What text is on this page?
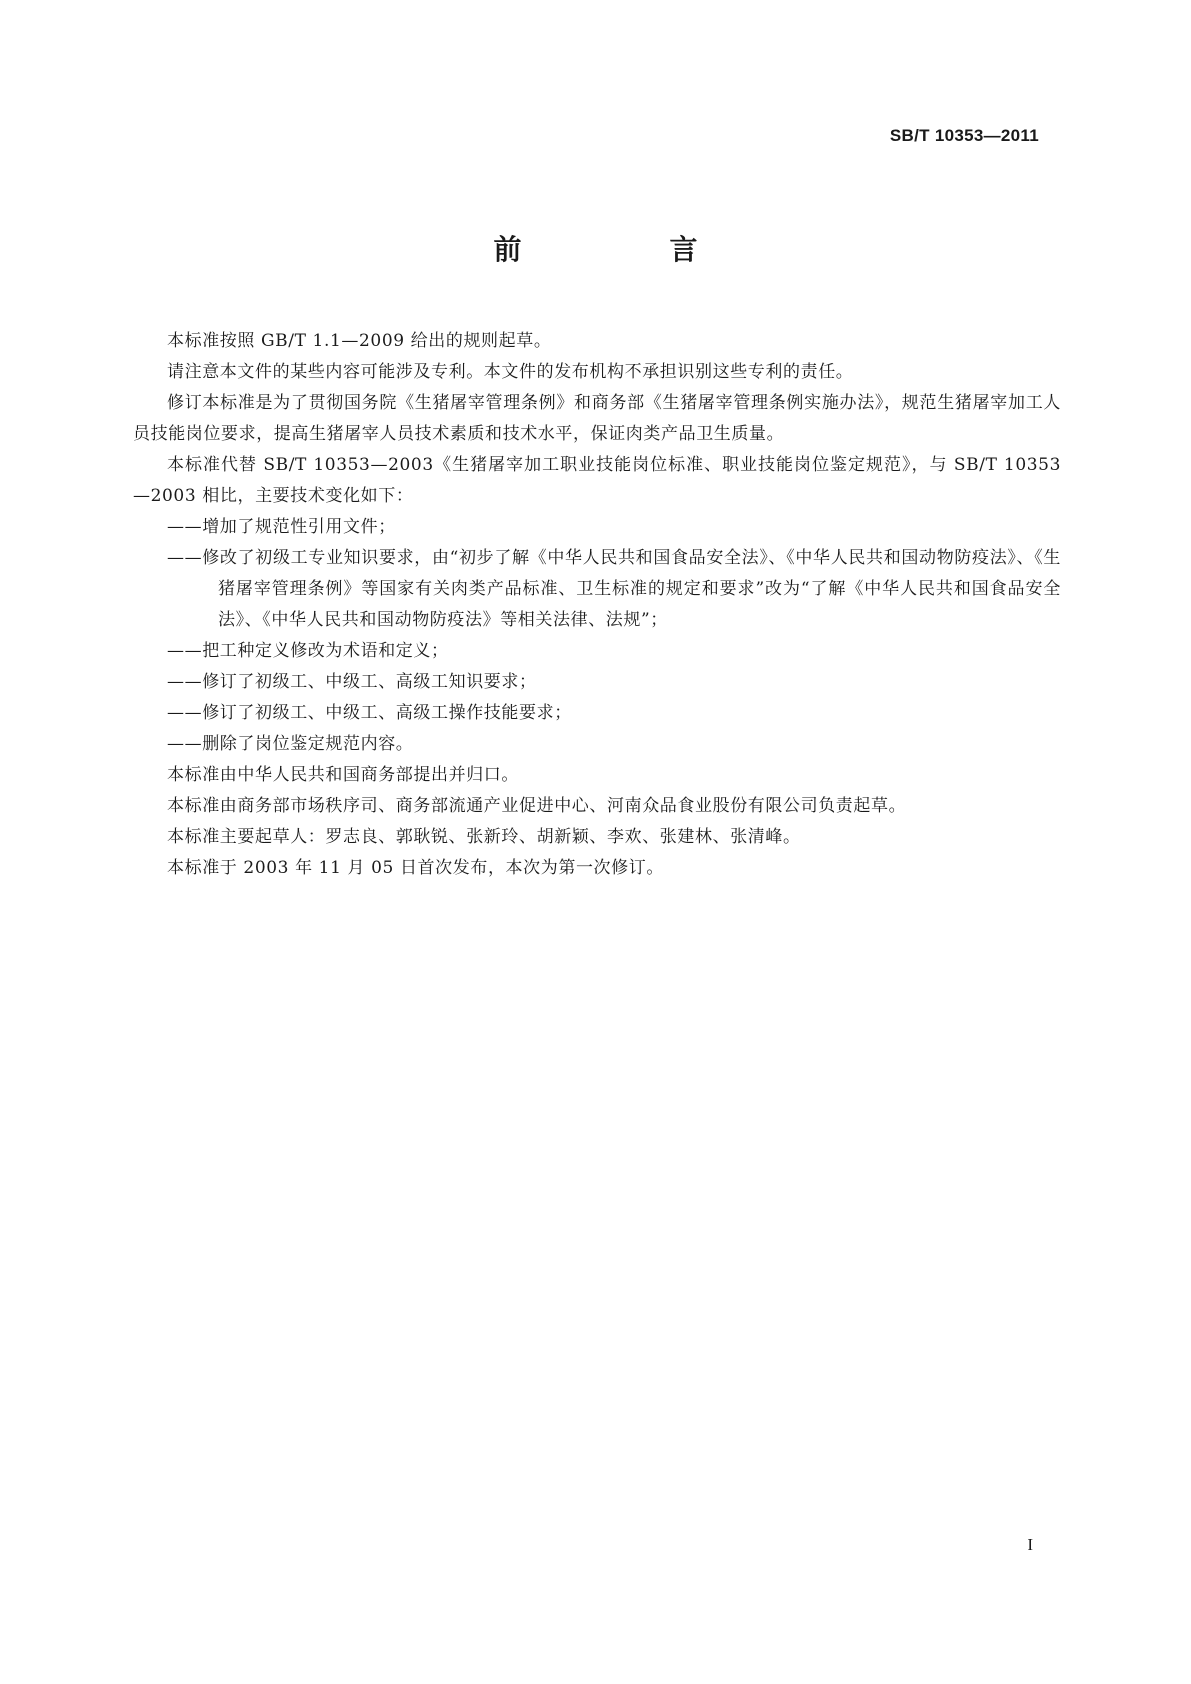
SB/T 10353—2011
前　言

本标准按照 GB/T 1.1—2009 给出的规则起草。

请注意本文件的某些内容可能涉及专利。本文件的发布机构不承担识别这些专利的责任。

修订本标准是为了贯彻国务院《生猪屠宰管理条例》和商务部《生猪屠宰管理条例实施办法》，规范生猪屠宰加工人员技能岗位要求，提高生猪屠宰人员技术素质和技术水平，保证肉类产品卫生质量。

本标准代替 SB/T 10353—2003《生猪屠宰加工职业技能岗位标准、职业技能岗位鉴定规范》，与 SB/T 10353—2003 相比，主要技术变化如下：

——增加了规范性引用文件；

——修改了初级工专业知识要求，由“初步了解《中华人民共和国食品安全法》、《中华人民共和国动物防疫法》、《生猪屠宰管理条例》等国家有关肉类产品标准、卫生标准的规定和要求”改为“了解《中华人民共和国食品安全法》、《中华人民共和国动物防疫法》等相关法律、法规”；

——把工种定义修改为术语和定义；

——修订了初级工、中级工、高级工知识要求；

——修订了初级工、中级工、高级工操作技能要求；

——删除了岗位鉴定规范内容。

本标准由中华人民共和国商务部提出并归口。

本标准由商务部市场秩序司、商务部流通产业促进中心、河南众品食业股份有限公司负责起草。

本标准主要起草人：罗志良、郭耿锐、张新玲、胡新颖、李欢、张建林、张清峰。

本标准于 2003 年 11 月 05 日首次发布，本次为第一次修订。

I
